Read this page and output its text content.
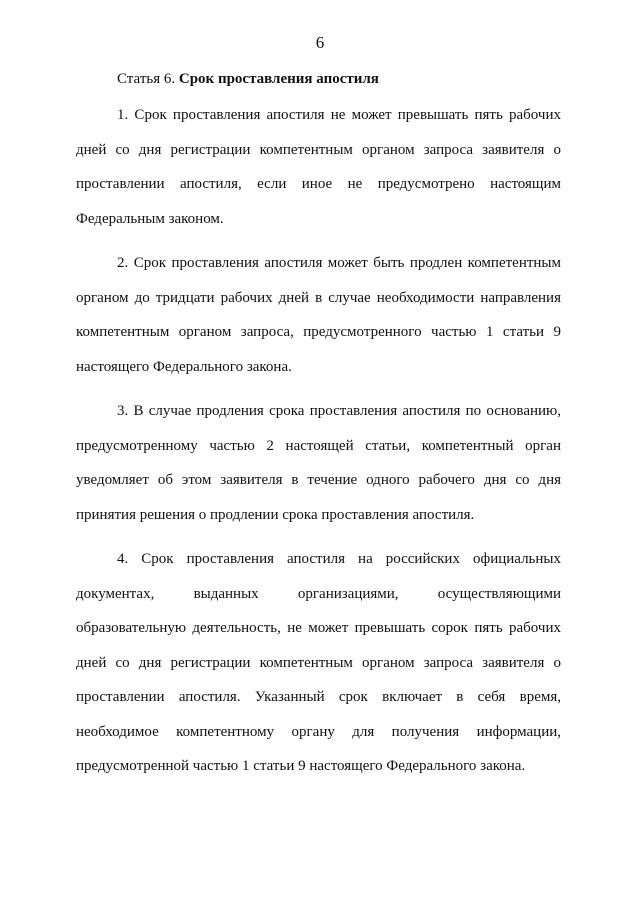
6
Статья 6. Срок проставления апостиля
1. Срок проставления апостиля не может превышать пять рабочих
дней со дня регистрации компетентным органом запроса заявителя о
проставлении апостиля, если иное не предусмотрено настоящим
Федеральным законом.
2. Срок проставления апостиля может быть продлен компетентным
органом до тридцати рабочих дней в случае необходимости направления
компетентным органом запроса, предусмотренного частью 1 статьи 9
настоящего Федерального закона.
3. В случае продления срока проставления апостиля по основанию,
предусмотренному частью 2 настоящей статьи, компетентный орган
уведомляет об этом заявителя в течение одного рабочего дня со дня
принятия решения о продлении срока проставления апостиля.
4. Срок проставления апостиля на российских официальных
документах, выданных организациями, осуществляющими
образовательную деятельность, не может превышать сорок пять рабочих
дней со дня регистрации компетентным органом запроса заявителя о
проставлении апостиля. Указанный срок включает в себя время,
необходимое компетентному органу для получения информации,
предусмотренной частью 1 статьи 9 настоящего Федерального закона.
